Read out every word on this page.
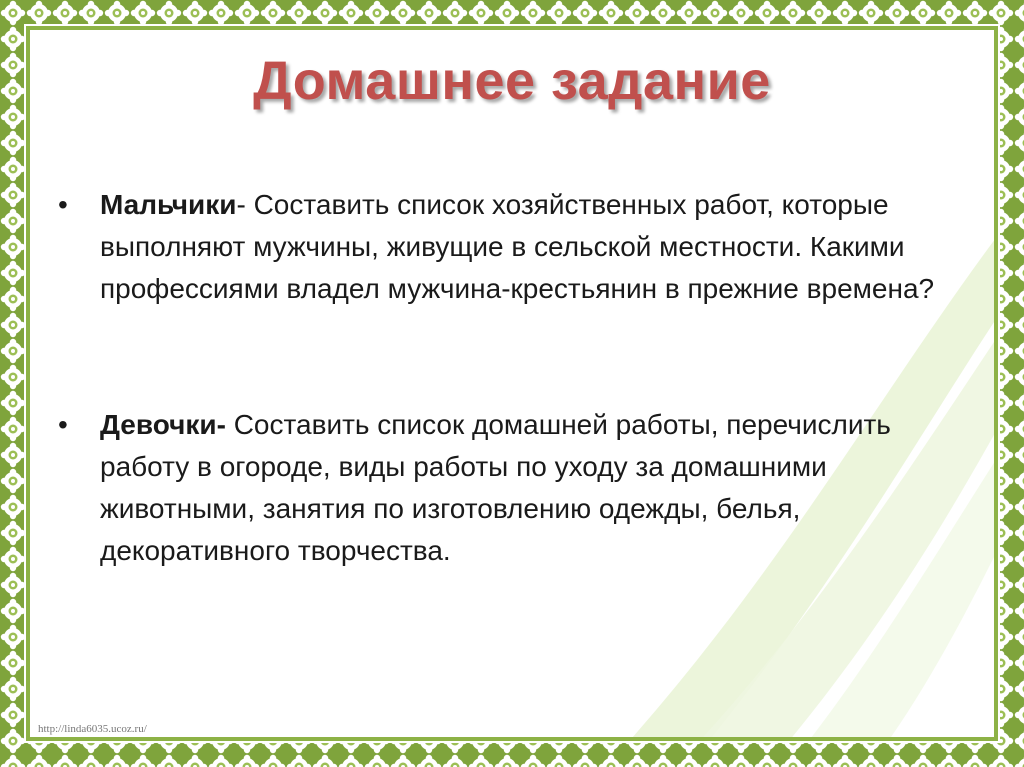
Домашнее задание
• Мальчики- Составить список хозяйственных работ, которые выполняют мужчины, живущие в сельской местности. Какими профессиями владел мужчина-крестьянин в прежние времена?
• Девочки- Составить список домашней работы, перечислить работу в огороде, виды работы по уходу за домашними животными, занятия по изготовлению одежды, белья, декоративного творчества.
http://linda6035.ucoz.ru/
